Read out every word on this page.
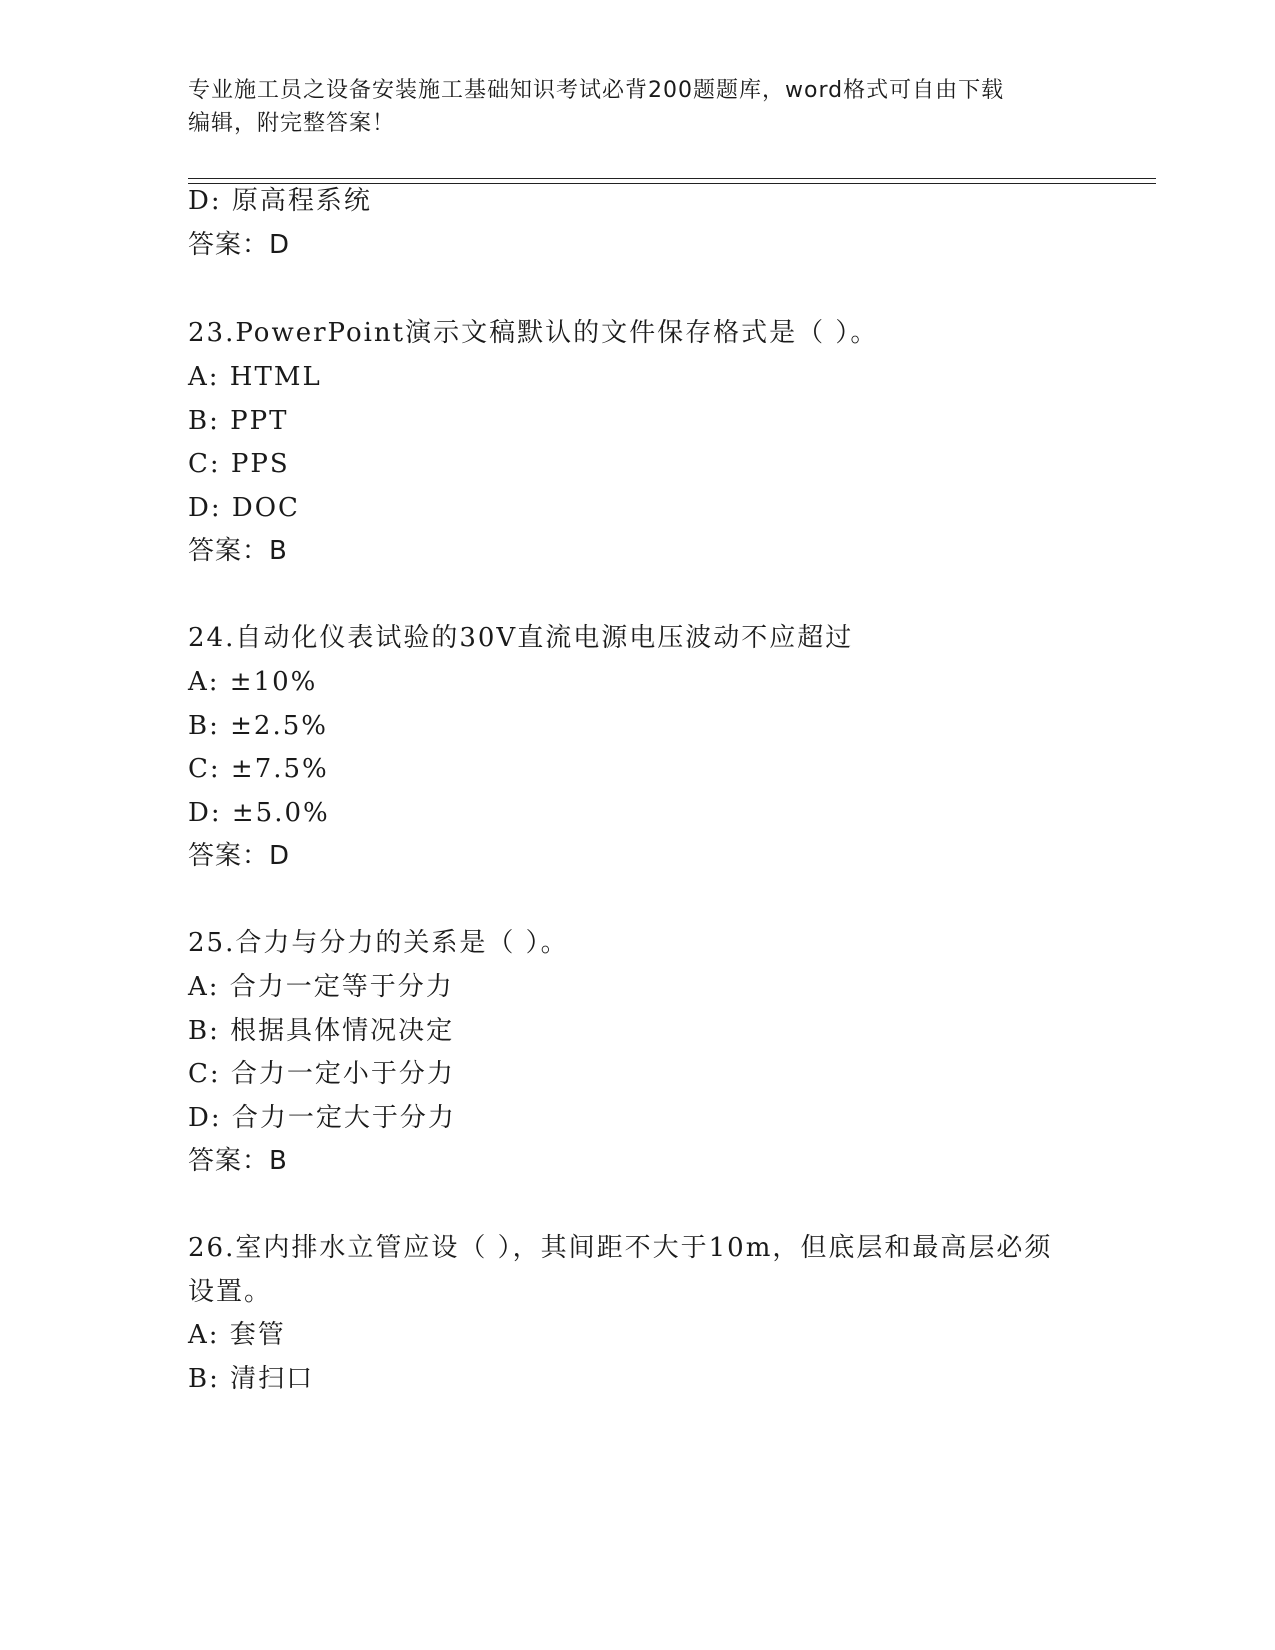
专业施工员之设备安装施工基础知识考试必背200题题库，word格式可自由下载
编辑，附完整答案！
D: 原高程系统
答案：D
23.PowerPoint演示文稿默认的文件保存格式是（ ）。
A: HTML
B: PPT
C: PPS
D: DOC
答案：B
24.自动化仪表试验的30V直流电源电压波动不应超过
A: ±10%
B: ±2.5%
C: ±7.5%
D: ±5.0%
答案：D
25.合力与分力的关系是（ ）。
A: 合力一定等于分力
B: 根据具体情况决定
C: 合力一定小于分力
D: 合力一定大于分力
答案：B
26.室内排水立管应设（ ），其间距不大于10m，但底层和最高层必须
设置。
A: 套管
B: 清扫口
